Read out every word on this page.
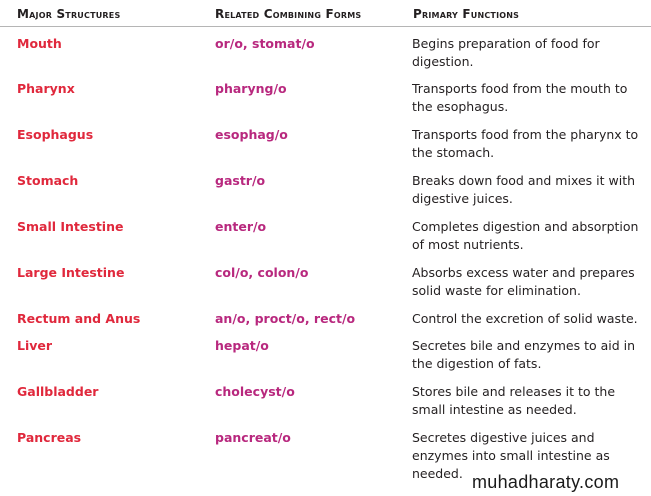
Major Structures	Related Combining Forms	Primary Functions
Mouth	or/o, stomat/o	Begins preparation of food for digestion.
Pharynx	pharyng/o	Transports food from the mouth to the esophagus.
Esophagus	esophag/o	Transports food from the pharynx to the stomach.
Stomach	gastr/o	Breaks down food and mixes it with digestive juices.
Small Intestine	enter/o	Completes digestion and absorption of most nutrients.
Large Intestine	col/o, colon/o	Absorbs excess water and prepares solid waste for elimination.
Rectum and Anus	an/o, proct/o, rect/o	Control the excretion of solid waste.
Liver	hepat/o	Secretes bile and enzymes to aid in the digestion of fats.
Gallbladder	cholecyst/o	Stores bile and releases it to the small intestine as needed.
Pancreas	pancreat/o	Secretes digestive juices and enzymes into small intestine as needed. muhadharaty.com
